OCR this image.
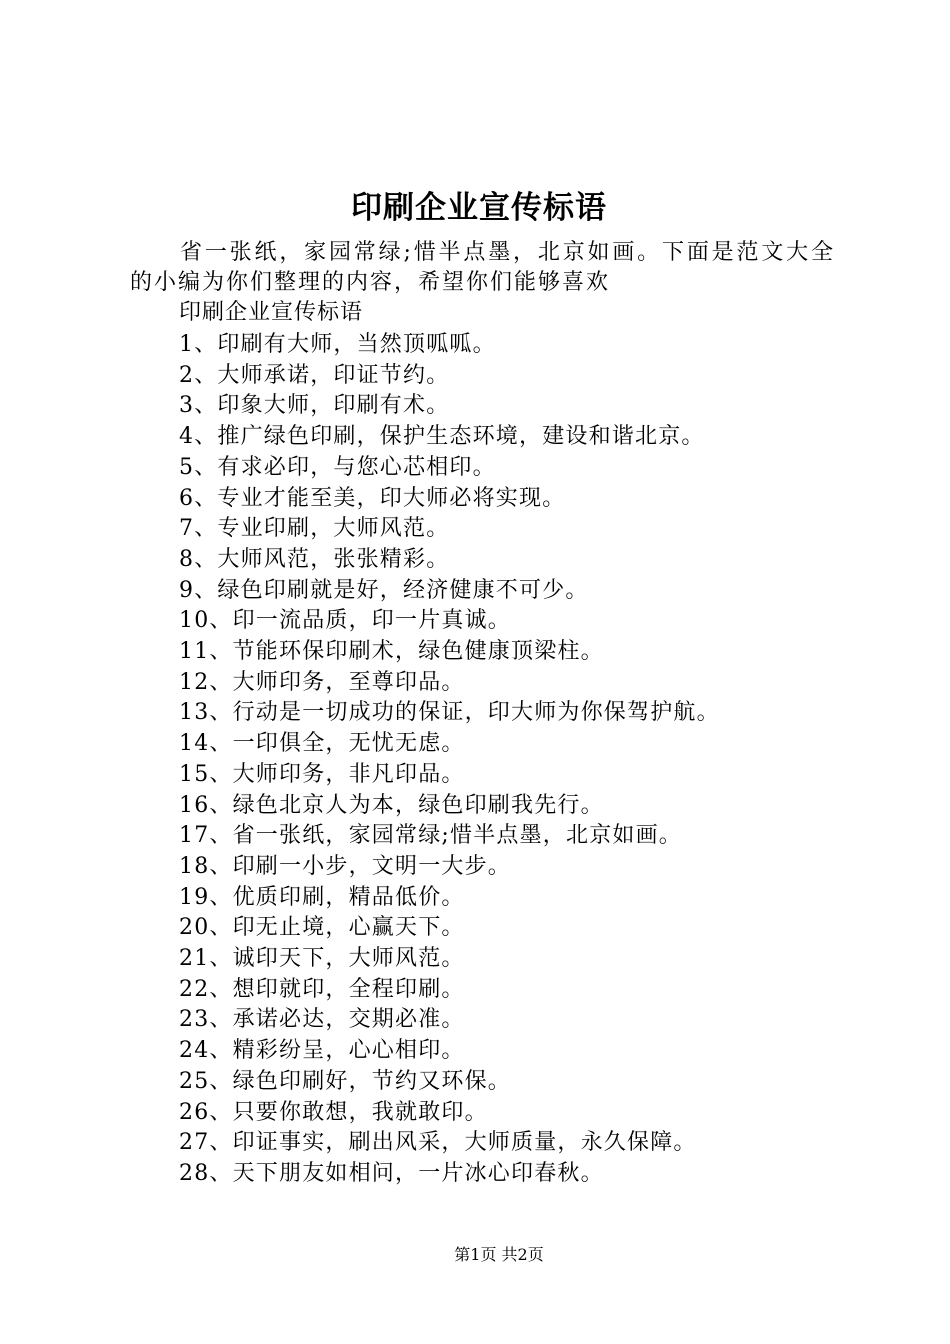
印刷企业宣传标语
省一张纸，家园常绿;惜半点墨，北京如画。下面是范文大全的小编为你们整理的内容，希望你们能够喜欢
印刷企业宣传标语
1、印刷有大师，当然顶呱呱。
2、大师承诺，印证节约。
3、印象大师，印刷有术。
4、推广绿色印刷，保护生态环境，建设和谐北京。
5、有求必印，与您心芯相印。
6、专业才能至美，印大师必将实现。
7、专业印刷，大师风范。
8、大师风范，张张精彩。
9、绿色印刷就是好，经济健康不可少。
10、印一流品质，印一片真诚。
11、节能环保印刷术，绿色健康顶梁柱。
12、大师印务，至尊印品。
13、行动是一切成功的保证，印大师为你保驾护航。
14、一印俱全，无忧无虑。
15、大师印务，非凡印品。
16、绿色北京人为本，绿色印刷我先行。
17、省一张纸，家园常绿;惜半点墨，北京如画。
18、印刷一小步，文明一大步。
19、优质印刷，精品低价。
20、印无止境，心赢天下。
21、诚印天下，大师风范。
22、想印就印，全程印刷。
23、承诺必达，交期必准。
24、精彩纷呈，心心相印。
25、绿色印刷好，节约又环保。
26、只要你敢想，我就敢印。
27、印证事实，刷出风采，大师质量，永久保障。
28、天下朋友如相问，一片冰心印春秋。
第1页 共2页
